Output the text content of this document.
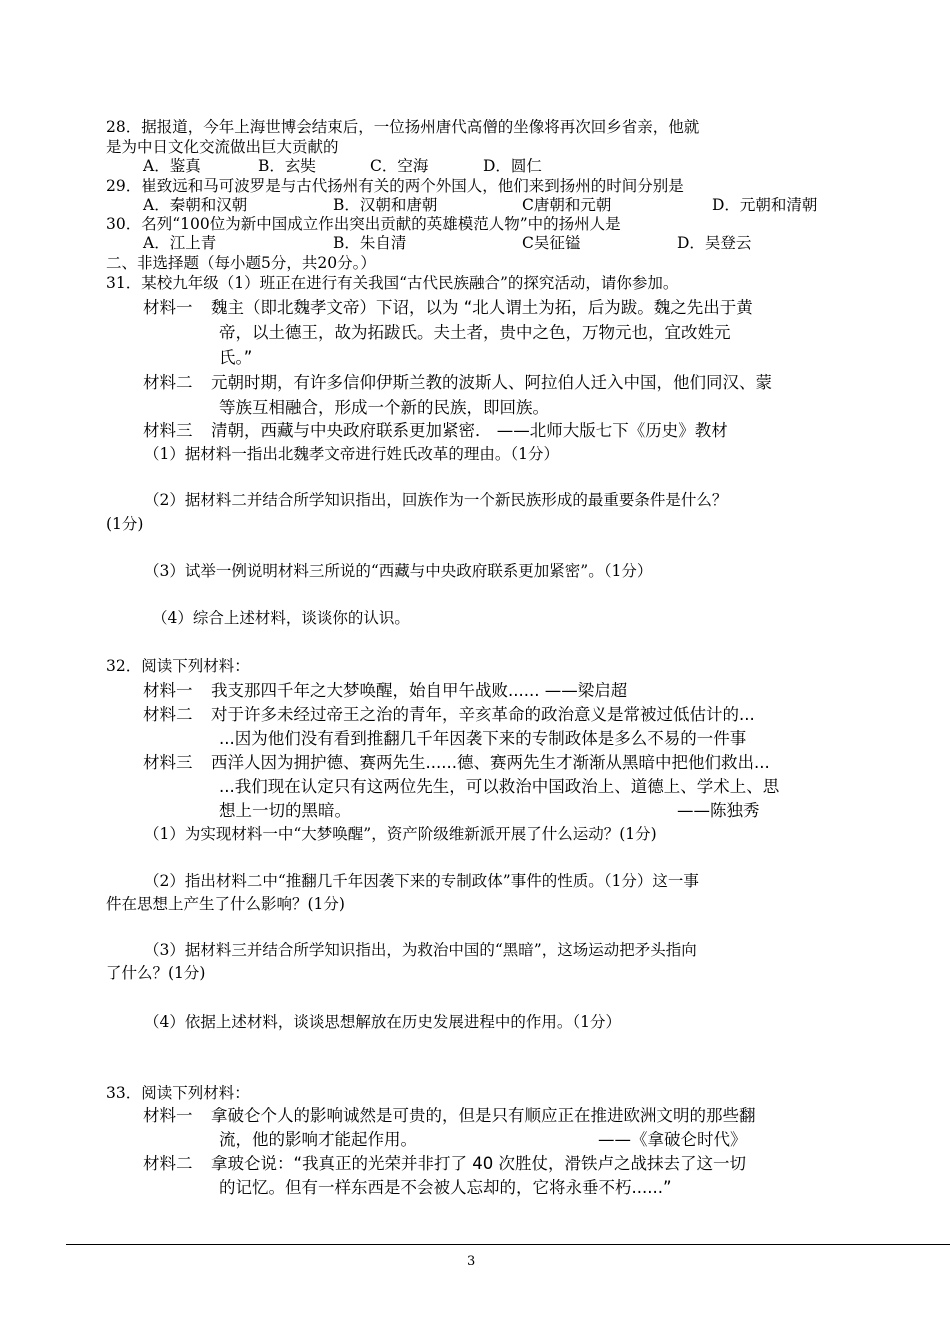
28．据报道，今年上海世博会结束后，一位扬州唐代高僧的坐像将再次回乡省亲，他就
是为中日文化交流做出巨大贡献的
A．鉴真	B．玄奘	C．空海	D．圆仁
29．崔致远和马可波罗是与古代扬州有关的两个外国人，他们来到扬州的时间分别是
A．秦朝和汉朝	B．汉朝和唐朝	C唐朝和元朝	D．元朝和清朝
30．名列“100位为新中国成立作出突出贡献的英雄模范人物”中的扬州人是
A．江上青	B．朱自清	C吴征镒	D．吴登云
二、非选择题（每小题5分，共20分。）
31．某校九年级（1）班正在进行有关我国“古代民族融合”的探究活动，请你参加。
材料一 魏主（即北魏孝文帝）下诏，以为 “北人谓土为拓，后为跋。魏之先出于黄
帝，以土德王，故为拓跋氏。夫土者，贵中之色，万物元也，宜改姓元
氏。”
材料二 元朝时期，有许多信仰伊斯兰教的波斯人、阿拉伯人迁入中国，他们同汉、蒙
等族互相融合，形成一个新的民族，即回族。
材料三 清朝，西藏与中央政府联系更加紧密． ——北师大版七下《历史》教材
（1）据材料一指出北魏孝文帝进行姓氏改革的理由。（1分）
（2）据材料二并结合所学知识指出，回族作为一个新民族形成的最重要条件是什么？
(1分)
（3）试举一例说明材料三所说的“西藏与中央政府联系更加紧密”。（1分）
（4）综合上述材料，谈谈你的认识。
32．阅读下列材料：
材料一 我支那四千年之大梦唤醒，始自甲午战败...... ——梁启超
材料二 对于许多未经过帝王之治的青年，辛亥革命的政治意义是常被过低估计的...
...因为他们没有看到推翻几千年因袭下来的专制政体是多么不易的一件事
材料三 西洋人因为拥护德、赛两先生......德、赛两先生才渐渐从黑暗中把他们救出...
...我们现在认定只有这两位先生，可以救治中国政治上、道德上、学术上、思
想上一切的黑暗。	——陈独秀
（1）为实现材料一中“大梦唤醒”，资产阶级维新派开展了什么运动？(1分)
（2）指出材料二中“推翻几千年因袭下来的专制政体”事件的性质。（1分）这一事
件在思想上产生了什么影响？(1分)
（3）据材料三并结合所学知识指出，为救治中国的“黑暗”，这场运动把矛头指向
了什么？(1分)
（4）依据上述材料，谈谈思想解放在历史发展进程中的作用。（1分）
33．阅读下列材料：
材料一 拿破仑个人的影响诚然是可贵的，但是只有顺应正在推进欧洲文明的那些翻
流，他的影响才能起作用。	——《拿破仑时代》
材料二 拿玻仑说：“我真正的光荣并非打了 40 次胜仗，滑铁卢之战抹去了这一切
的记忆。但有一样东西是不会被人忘却的，它将永垂不朽......”
3
